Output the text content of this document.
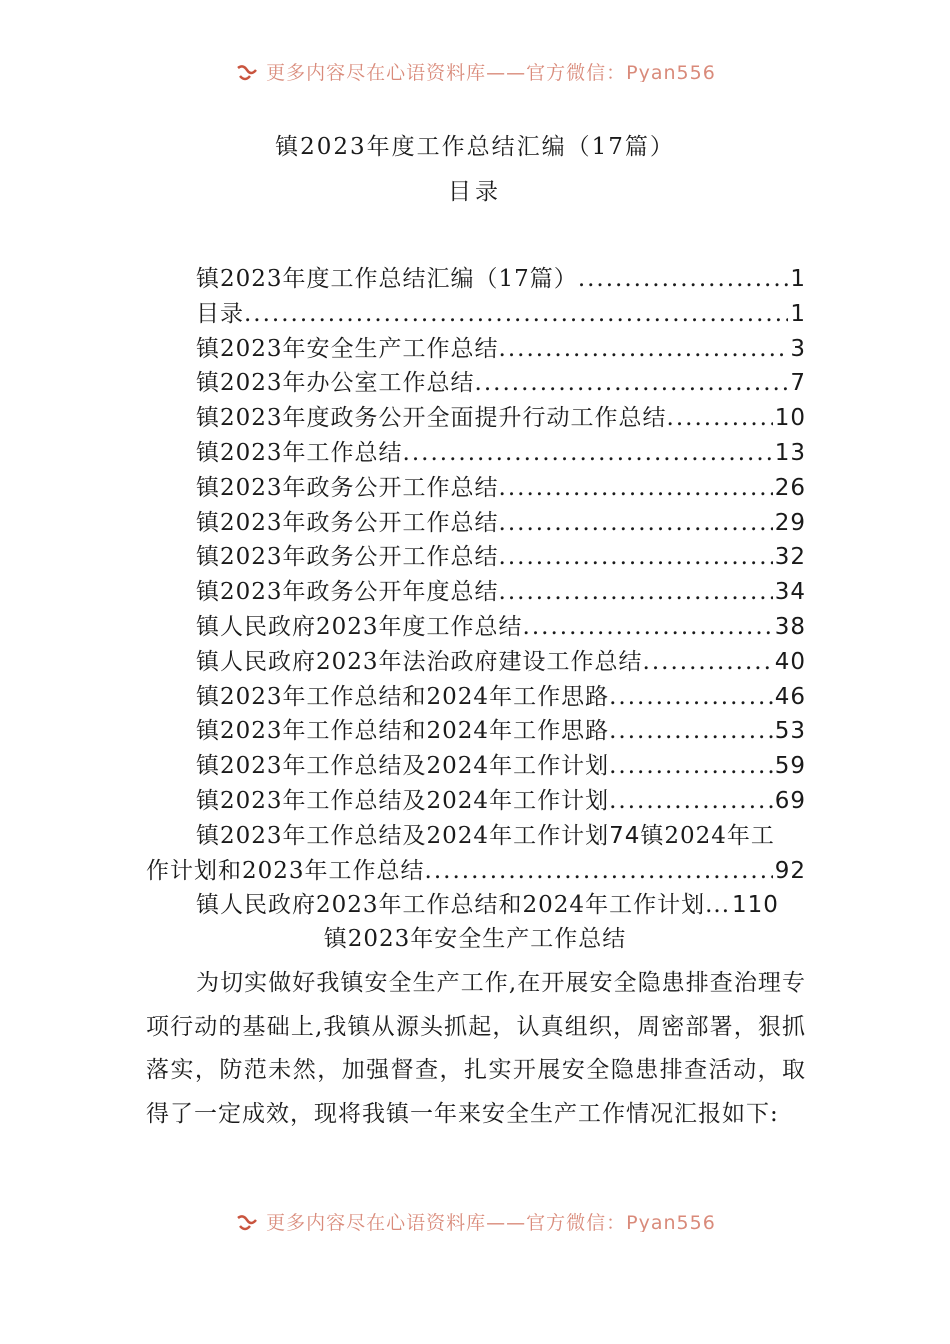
更多内容尽在心语资料库——官方微信：Pyan556
镇2023年度工作总结汇编（17篇）
目录
镇2023年度工作总结汇编（17篇） .....	1
目录 .....	1
镇2023年安全生产工作总结 .....	3
镇2023年办公室工作总结 .....	7
镇2023年度政务公开全面提升行动工作总结 .....	10
镇2023年工作总结 .....	13
镇2023年政务公开工作总结 .....	26
镇2023年政务公开工作总结 .....	29
镇2023年政务公开工作总结 .....	32
镇2023年政务公开年度总结 .....	34
镇人民政府2023年度工作总结 .....	38
镇人民政府2023年法治政府建设工作总结 .....	40
镇2023年工作总结和2024年工作思路 .....	46
镇2023年工作总结和2024年工作思路 .....	53
镇2023年工作总结及2024年工作计划 .....	59
镇2023年工作总结及2024年工作计划 .....	69
镇2023年工作总结及2024年工作计划74镇2024年工
作计划和2023年工作总结 .....	92
镇人民政府2023年工作总结和2024年工作计划 ... 110
镇2023年安全生产工作总结

为切实做好我镇安全生产工作,在开展安全隐患排查治理专项行动的基础上,我镇从源头抓起，认真组织，周密部署，狠抓落实，防范未然，加强督查，扎实开展安全隐患排查活动，取得了一定成效，现将我镇一年来安全生产工作情况汇报如下:

更多内容尽在心语资料库——官方微信：Pyan556
